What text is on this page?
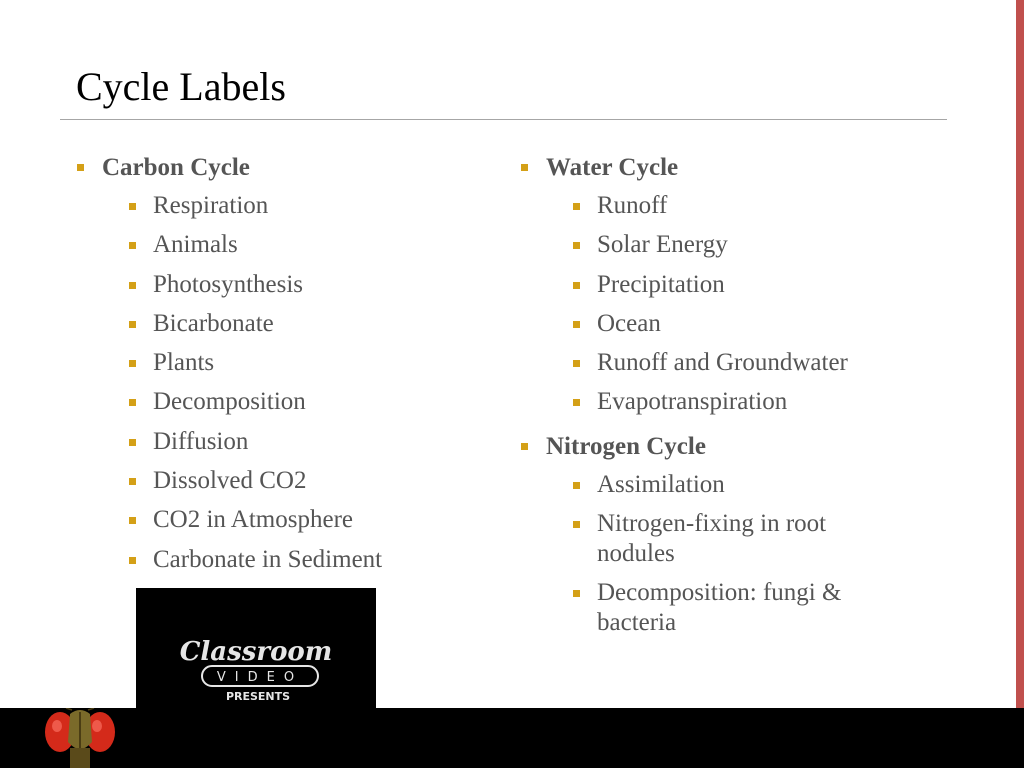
Cycle Labels
Carbon Cycle
Respiration
Animals
Photosynthesis
Bicarbonate
Plants
Decomposition
Diffusion
Dissolved CO2
CO2 in Atmosphere
Carbonate in Sediment
Water Cycle
Runoff
Solar Energy
Precipitation
Ocean
Runoff and Groundwater
Evapotranspiration
Nitrogen Cycle
Assimilation
Nitrogen-fixing in root nodules
Decomposition: fungi & bacteria
Classroom
VIDEO
PRESENTS
